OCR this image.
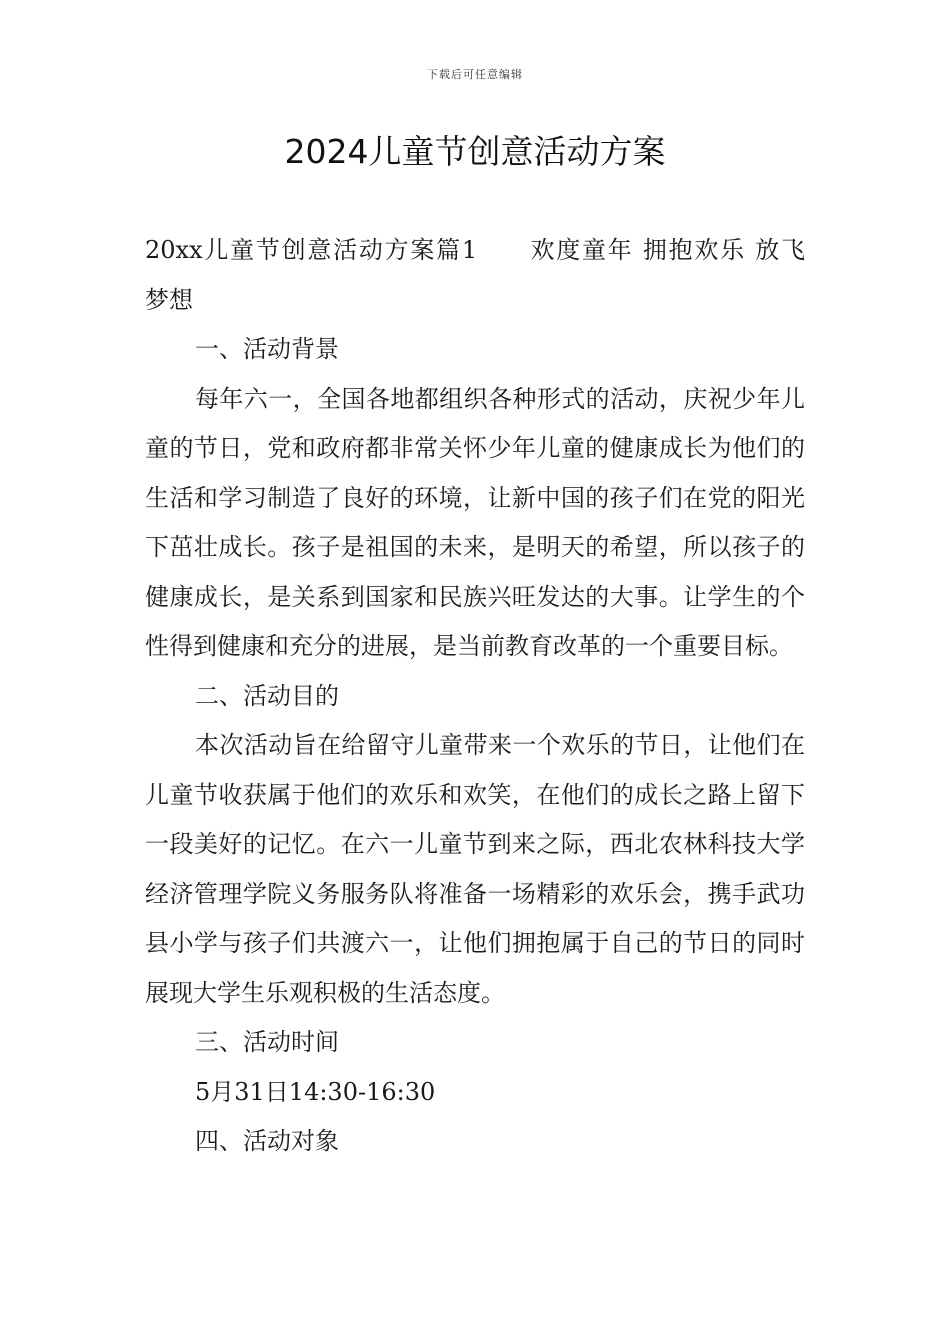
下载后可任意编辑
2024儿童节创意活动方案

20xx儿童节创意活动方案篇1　　欢度童年 拥抱欢乐 放飞

梦想

一、活动背景

每年六一，全国各地都组织各种形式的活动，庆祝少年儿童的节日，党和政府都非常关怀少年儿童的健康成长为他们的生活和学习制造了良好的环境，让新中国的孩子们在党的阳光下茁壮成长。孩子是祖国的未来，是明天的希望，所以孩子的健康成长，是关系到国家和民族兴旺发达的大事。让学生的个性得到健康和充分的进展，是当前教育改革的一个重要目标。

二、活动目的

本次活动旨在给留守儿童带来一个欢乐的节日，让他们在儿童节收获属于他们的欢乐和欢笑，在他们的成长之路上留下一段美好的记忆。在六一儿童节到来之际，西北农林科技大学经济管理学院义务服务队将准备一场精彩的欢乐会，携手武功县小学与孩子们共渡六一，让他们拥抱属于自己的节日的同时展现大学生乐观积极的生活态度。

三、活动时间

5月31日14:30-16:30

四、活动对象
